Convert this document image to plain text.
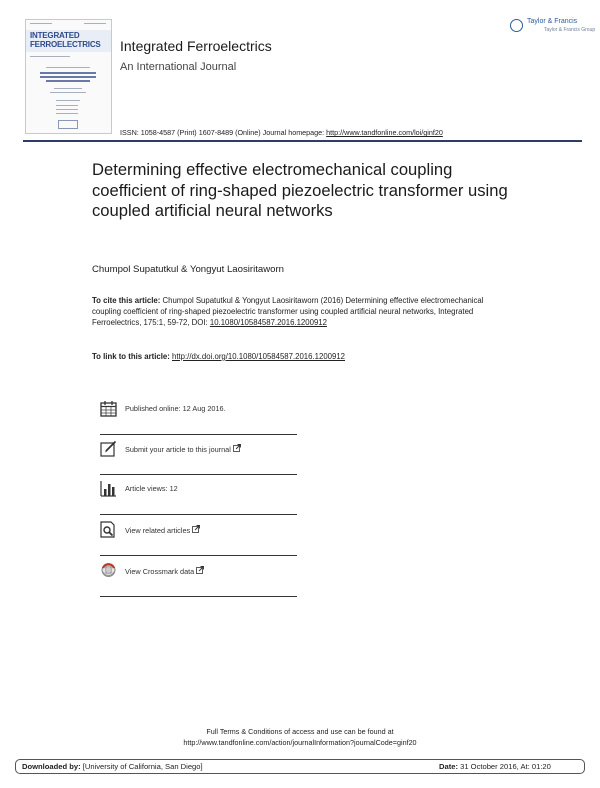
INTEGRATED
FERROELECTRICS Integrated Ferroelectrics
An International Journal
Taylor & Francis
Taylor & Francis Group
ISSN: 1058-4587 (Print) 1607-8489 (Online) Journal homepage: http://www.tandfonline.com/loi/ginf20
Determining effective electromechanical coupling coefficient of ring-shaped piezoelectric transformer using coupled artificial neural networks
Chumpol Supatutkul & Yongyut Laosiritaworn
To cite this article: Chumpol Supatutkul & Yongyut Laosiritaworn (2016) Determining effective electromechanical coupling coefficient of ring-shaped piezoelectric transformer using coupled artificial neural networks, Integrated Ferroelectrics, 175:1, 59-72, DOI: 10.1080/10584587.2016.1200912
To link to this article: http://dx.doi.org/10.1080/10584587.2016.1200912
Published online: 12 Aug 2016.
Submit your article to this journal
Article views: 12
View related articles
View Crossmark data
Full Terms & Conditions of access and use can be found at
http://www.tandfonline.com/action/journalInformation?journalCode=ginf20
Downloaded by: [University of California, San Diego]	Date: 31 October 2016, At: 01:20
